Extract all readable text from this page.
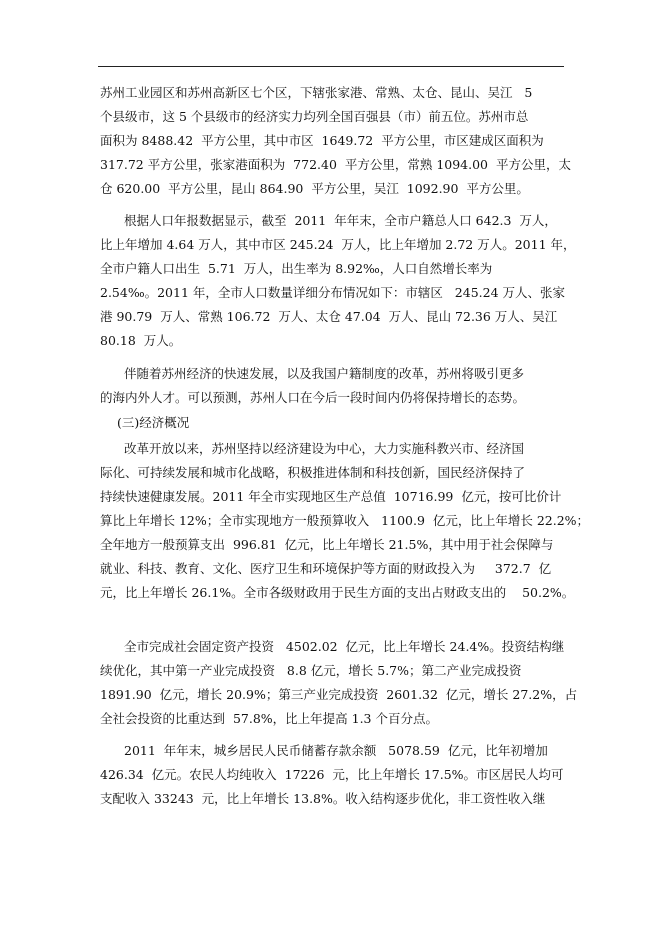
苏州工业园区和苏州高新区七个区，下辖张家港、常熟、太仓、昆山、吴江   5
个县级市，这 5 个县级市的经济实力均列全国百强县（市）前五位。苏州市总
面积为 8488.42  平方公里，其中市区  1649.72  平方公里，市区建成区面积为
317.72 平方公里，张家港面积为  772.40  平方公里，常熟 1094.00  平方公里，太
仓 620.00  平方公里，昆山 864.90  平方公里，吴江  1092.90  平方公里。
根据人口年报数据显示，截至  2011  年年末，全市户籍总人口 642.3  万人，
比上年增加 4.64 万人，其中市区 245.24  万人，比上年增加 2.72 万人。2011 年，
全市户籍人口出生  5.71  万人，出生率为 8.92‰，人口自然增长率为
2.54‰。2011 年，全市人口数量详细分布情况如下：市辖区   245.24 万人、张家
港 90.79  万人、常熟 106.72  万人、太仓 47.04  万人、昆山 72.36 万人、吴江
80.18  万人。
伴随着苏州经济的快速发展，以及我国户籍制度的改革，苏州将吸引更多
的海内外人才。可以预测，苏州人口在今后一段时间内仍将保持增长的态势。
(三)经济概况
改革开放以来，苏州坚持以经济建设为中心，大力实施科教兴市、经济国
际化、可持续发展和城市化战略，积极推进体制和科技创新，国民经济保持了
持续快速健康发展。2011 年全市实现地区生产总值  10716.99  亿元，按可比价计
算比上年增长 12%；全市实现地方一般预算收入   1100.9  亿元，比上年增长 22.2%；
全年地方一般预算支出  996.81  亿元，比上年增长 21.5%，其中用于社会保障与
就业、科技、教育、文化、医疗卫生和环境保护等方面的财政投入为     372.7  亿
元，比上年增长 26.1%。全市各级财政用于民生方面的支出占财政支出的    50.2%。
全市完成社会固定资产投资   4502.02  亿元，比上年增长 24.4%。投资结构继
续优化，其中第一产业完成投资   8.8 亿元，增长 5.7%；第二产业完成投资
1891.90  亿元，增长 20.9%；第三产业完成投资  2601.32  亿元，增长 27.2%，占
全社会投资的比重达到  57.8%，比上年提高 1.3 个百分点。
2011  年年末，城乡居民人民币储蓄存款余额   5078.59  亿元，比年初增加
426.34  亿元。农民人均纯收入  17226  元，比上年增长 17.5%。市区居民人均可
支配收入 33243  元，比上年增长 13.8%。收入结构逐步优化，非工资性收入继
